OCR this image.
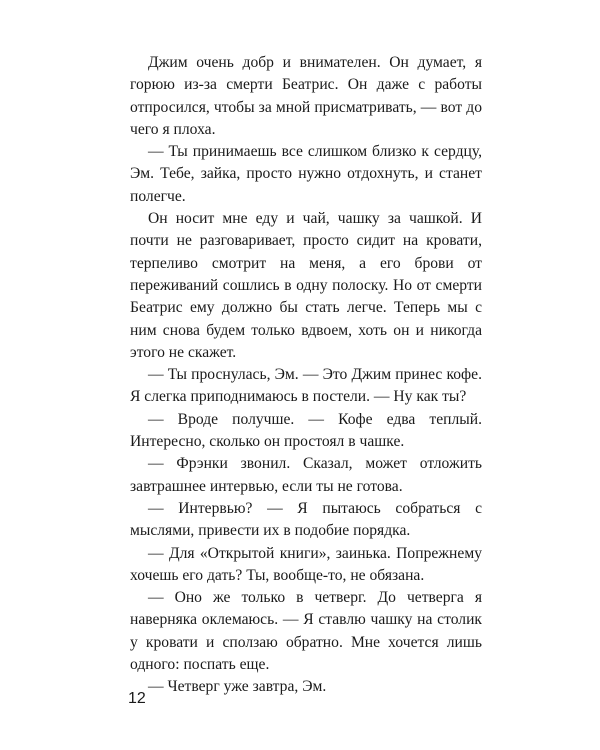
Джим очень добр и внимателен. Он думает, я горюю из-за смерти Беатрис. Он даже с работы отпросился, чтобы за мной присматривать, — вот до чего я плоха.

— Ты принимаешь все слишком близко к сердцу, Эм. Тебе, зайка, просто нужно отдохнуть, и станет полегче.

Он носит мне еду и чай, чашку за чашкой. И почти не разговаривает, просто сидит на кровати, терпеливо смотрит на меня, а его брови от переживаний сошлись в одну полоску. Но от смерти Беатрис ему должно бы стать легче. Теперь мы с ним снова будем только вдвоем, хоть он и никогда этого не скажет.

— Ты проснулась, Эм. — Это Джим принес кофе. Я слегка приподнимаюсь в постели. — Ну как ты?

— Вроде получше. — Кофе едва теплый. Интересно, сколько он простоял в чашке.

— Фрэнки звонил. Сказал, может отложить завтрашнее интервью, если ты не готова.

— Интервью? — Я пытаюсь собраться с мыслями, привести их в подобие порядка.

— Для «Открытой книги», заинька. Попрежнему хочешь его дать? Ты, вообще-то, не обязана.

— Оно же только в четверг. До четверга я наверняка оклемаюсь. — Я ставлю чашку на столик у кровати и сползаю обратно. Мне хочется лишь одного: поспать еще.

— Четверг уже завтра, Эм.

12
